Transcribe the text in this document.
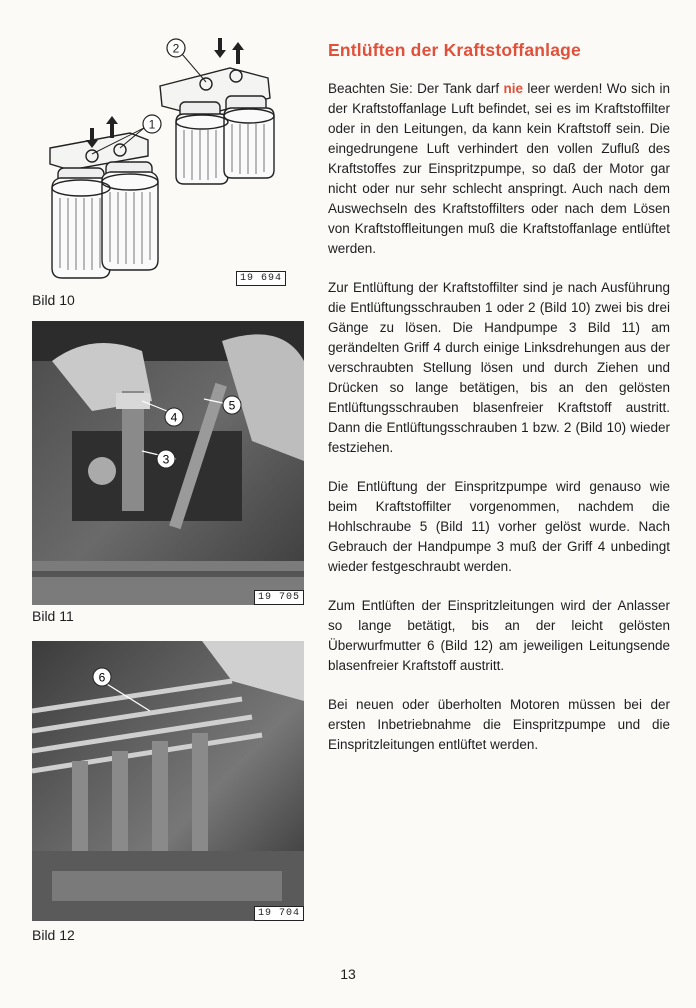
1
2
19 694
Bild 10
4
3
5
19 705
Bild 11
6
19 704
Bild 12
Entlüften der Kraftstoffanlage

Beachten Sie: Der Tank darf nie leer werden! Wo sich in der Kraftstoffanlage Luft befindet, sei es im Kraftstoffilter oder in den Leitungen, da kann kein Kraftstoff sein. Die eingedrungene Luft verhindert den vollen Zufluß des Kraftstoffes zur Einspritzpumpe, so daß der Motor gar nicht oder nur sehr schlecht anspringt. Auch nach dem Auswechseln des Kraftstoffilters oder nach dem Lösen von Kraftstoffleitungen muß die Kraftstoffanlage entlüftet werden.

Zur Entlüftung der Kraftstoffilter sind je nach Ausführung die Entlüftungsschrauben 1 oder 2 (Bild 10) zwei bis drei Gänge zu lösen. Die Handpumpe 3 Bild 11) am gerändelten Griff 4 durch einige Linksdrehungen aus der verschraubten Stellung lösen und durch Ziehen und Drücken so lange betätigen, bis an den gelösten Entlüftungsschrauben blasenfreier Kraftstoff austritt. Dann die Entlüftungsschrauben 1 bzw. 2 (Bild 10) wieder festziehen.

Die Entlüftung der Einspritzpumpe wird genauso wie beim Kraftstoffilter vorgenommen, nachdem die Hohlschraube 5 (Bild 11) vorher gelöst wurde. Nach Gebrauch der Handpumpe 3 muß der Griff 4 unbedingt wieder festgeschraubt werden.

Zum Entlüften der Einspritzleitungen wird der Anlasser so lange betätigt, bis an der leicht gelösten Überwurfmutter 6 (Bild 12) am jeweiligen Leitungsende blasenfreier Kraftstoff austritt.

Bei neuen oder überholten Motoren müssen bei der ersten Inbetriebnahme die Einspritzpumpe und die Einspritzleitungen entlüftet werden.

13
